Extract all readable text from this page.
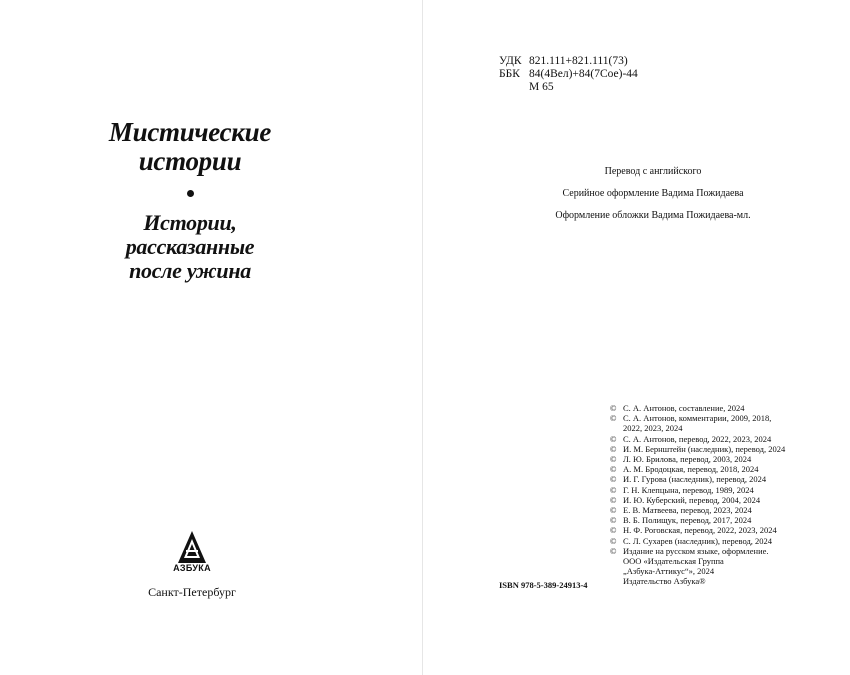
Мистические
истории
Истории,
рассказанные
после ужина
АЗБУКА
Санкт-Петербург
УДК 821.111+821.111(73)
ББК 84(4Вел)+84(7Сое)-44
М 65
Перевод с английского
Серийное оформление Вадима Пожидаева
Оформление обложки Вадима Пожидаева-мл.
ISBN 978-5-389-24913-4
© С. А. Антонов, составление, 2024
© С. А. Антонов, комментарии, 2009, 2018,
2022, 2023, 2024
© С. А. Антонов, перевод, 2022, 2023, 2024
© И. М. Бернштейн (наследник), перевод, 2024
© Л. Ю. Брилова, перевод, 2003, 2024
© А. М. Бродоцкая, перевод, 2018, 2024
© И. Г. Гурова (наследник), перевод, 2024
© Г. Н. Клепцына, перевод, 1989, 2024
© И. Ю. Куберский, перевод, 2004, 2024
© Е. В. Матвеева, перевод, 2023, 2024
© В. Б. Полищук, перевод, 2017, 2024
© Н. Ф. Роговская, перевод, 2022, 2023, 2024
© С. Л. Сухарев (наследник), перевод, 2024
© Издание на русском языке, оформление.
ООО «Издательская Группа
„Азбука-Аттикус“», 2024
Издательство Азбука®
